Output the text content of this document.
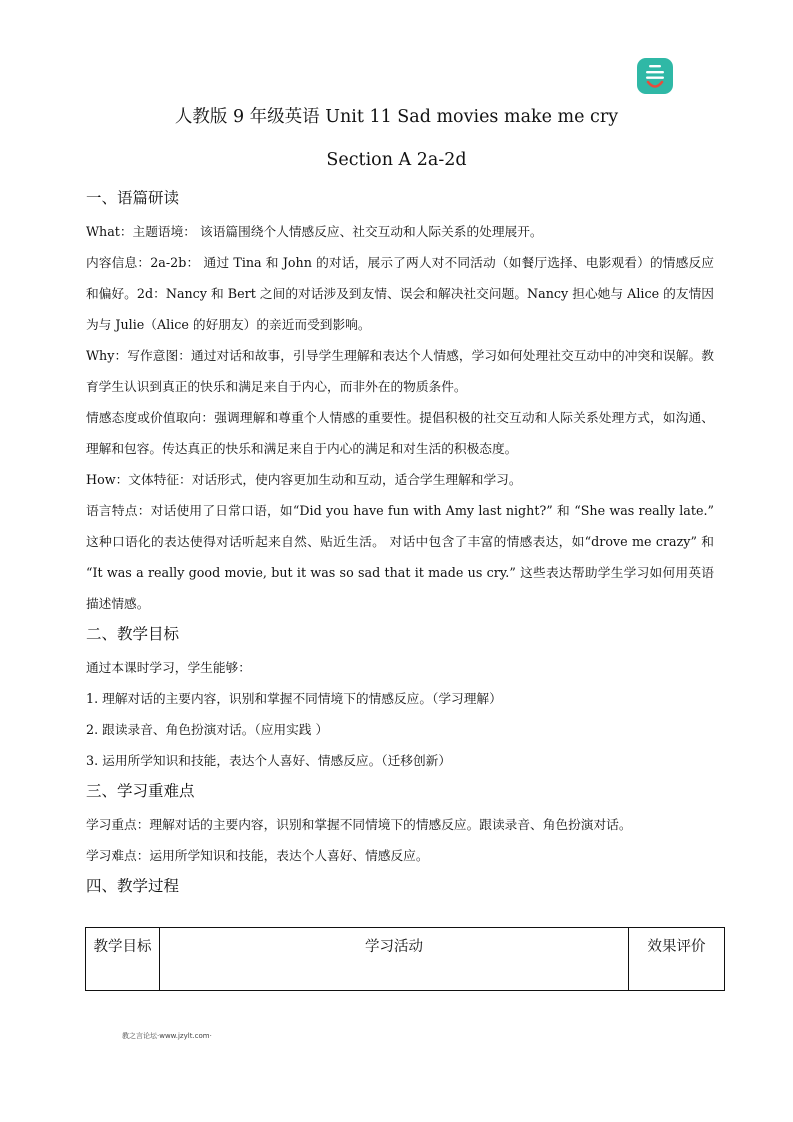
人教版 9 年级英语 Unit 11 Sad movies make me cry
Section A 2a-2d
一、语篇研读

What：主题语境： 该语篇围绕个人情感反应、社交互动和人际关系的处理展开。

内容信息：2a-2b： 通过 Tina 和 John 的对话，展示了两人对不同活动（如餐厅选择、电影观看）的情感反应和偏好。2d：Nancy 和 Bert 之间的对话涉及到友情、误会和解决社交问题。Nancy 担心她与 Alice 的友情因为与 Julie（Alice 的好朋友）的亲近而受到影响。

Why：写作意图：通过对话和故事，引导学生理解和表达个人情感，学习如何处理社交互动中的冲突和误解。教育学生认识到真正的快乐和满足来自于内心，而非外在的物质条件。

情感态度或价值取向：强调理解和尊重个人情感的重要性。提倡积极的社交互动和人际关系处理方式，如沟通、理解和包容。传达真正的快乐和满足来自于内心的满足和对生活的积极态度。

How：文体特征：对话形式，使内容更加生动和互动，适合学生理解和学习。

语言特点：对话使用了日常口语，如“Did you have fun with Amy last night?” 和 “She was really late.” 这种口语化的表达使得对话听起来自然、贴近生活。 对话中包含了丰富的情感表达，如“drove me crazy” 和 “It was a really good movie, but it was so sad that it made us cry.” 这些表达帮助学生学习如何用英语描述情感。

二、教学目标

通过本课时学习，学生能够：

1. 理解对话的主要内容，识别和掌握不同情境下的情感反应。（学习理解）

2. 跟读录音、角色扮演对话。（应用实践 ）

3. 运用所学知识和技能，表达个人喜好、情感反应。（迁移创新）

三、学习重难点

学习重点：理解对话的主要内容，识别和掌握不同情境下的情感反应。跟读录音、角色扮演对话。

学习难点：运用所学知识和技能，表达个人喜好、情感反应。

四、教学过程
教学目标	学习活动	效果评价
教之言论坛·www.jzylt.com·
